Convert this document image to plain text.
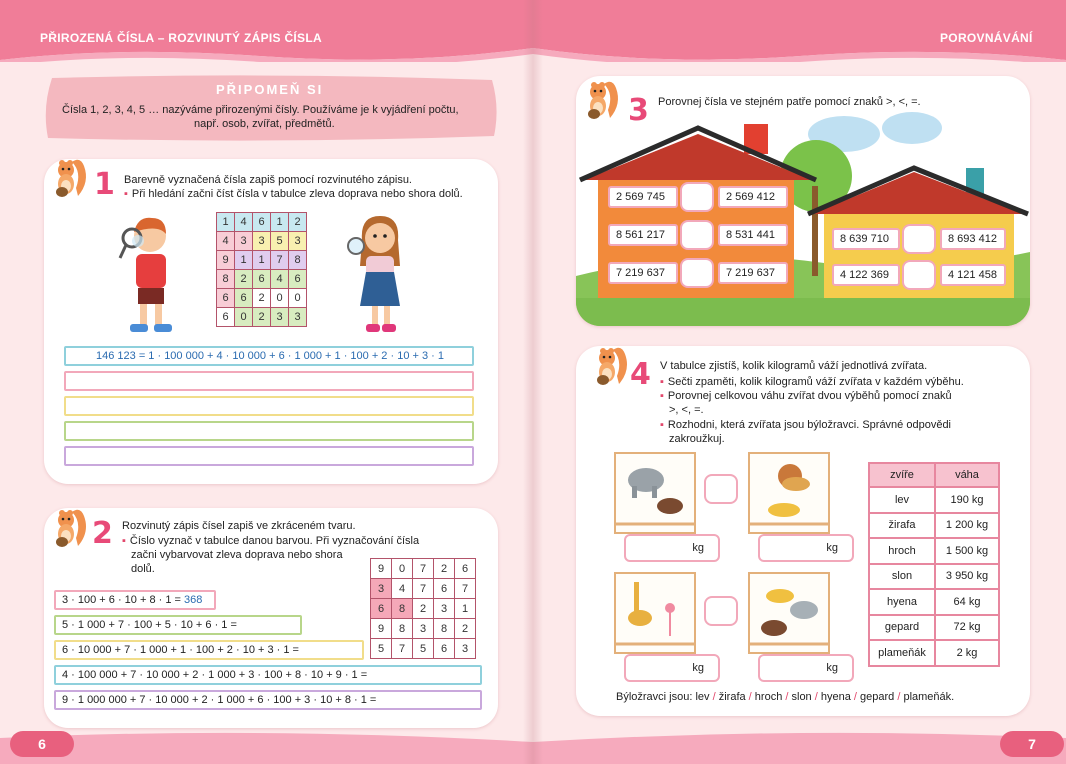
PŘIROZENÁ ČÍSLA – ROZVINUTÝ ZÁPIS ČÍSLA	POROVNÁVÁNÍ
PŘIPOMEŇ SI
Čísla 1, 2, 3, 4, 5 … nazýváme přirozenými čísly. Používáme je k vyjádření počtu,
např. osob, zvířat, předmětů.
1 Barevně vyznačená čísla zapiš pomocí rozvinutého zápisu.
▪ Při hledání začni číst čísla v tabulce zleva doprava nebo shora dolů.
1	4	6	1	2
4	3	3	5	3
9	1	1	7	8
8	2	6	4	6
6	6	2	0	0
6	0	2	3	3
146 123 = 1 · 100 000 + 4 · 10 000 + 6 · 1 000 + 1 · 100 + 2 · 10 + 3 · 1
2 Rozvinutý zápis čísel zapiš ve zkráceném tvaru.
▪ Číslo vyznač v tabulce danou barvou. Při vyznačování čísla
začni vybarvovat zleva doprava nebo shora
dolů.	9	0	7	2	6
3	4	7	6	7
6	8	2	3	1
9	8	3	8	2
5	7	5	6	3
3 · 100 + 6 · 10 + 8 · 1 = 368
5 · 1 000 + 7 · 100 + 5 · 10 + 6 · 1 =
6 · 10 000 + 7 · 1 000 + 1 · 100 + 2 · 10 + 3 · 1 =
4 · 100 000 + 7 · 10 000 + 2 · 1 000 + 3 · 100 + 8 · 10 + 9 · 1 =
9 · 1 000 000 + 7 · 10 000 + 2 · 1 000 + 6 · 100 + 3 · 10 + 8 · 1 =
6
3 Porovnej čísla ve stejném patře pomocí znaků >, <, =.
2 569 745	2 569 412
8 561 217	8 531 441
7 219 637	7 219 637
8 639 710	8 693 412
4 122 369	4 121 458
4 V tabulce zjistíš, kolik kilogramů váží jednotlivá zvířata.
▪ Sečti zpaměti, kolik kilogramů váží zvířata v každém výběhu.
▪ Porovnej celkovou váhu zvířat dvou výběhů pomocí znaků
>, <, =.
▪ Rozhodni, která zvířata jsou býložravci. Správné odpovědi
zakroužkuj.
kg	kg
kg	kg
zvíře	váha
lev	190 kg
žirafa	1 200 kg
hroch	1 500 kg
slon	3 950 kg
hyena	64 kg
gepard	72 kg
plameňák	2 kg
Býložravci jsou: lev / žirafa / hroch / slon / hyena / gepard / plameňák.
7
